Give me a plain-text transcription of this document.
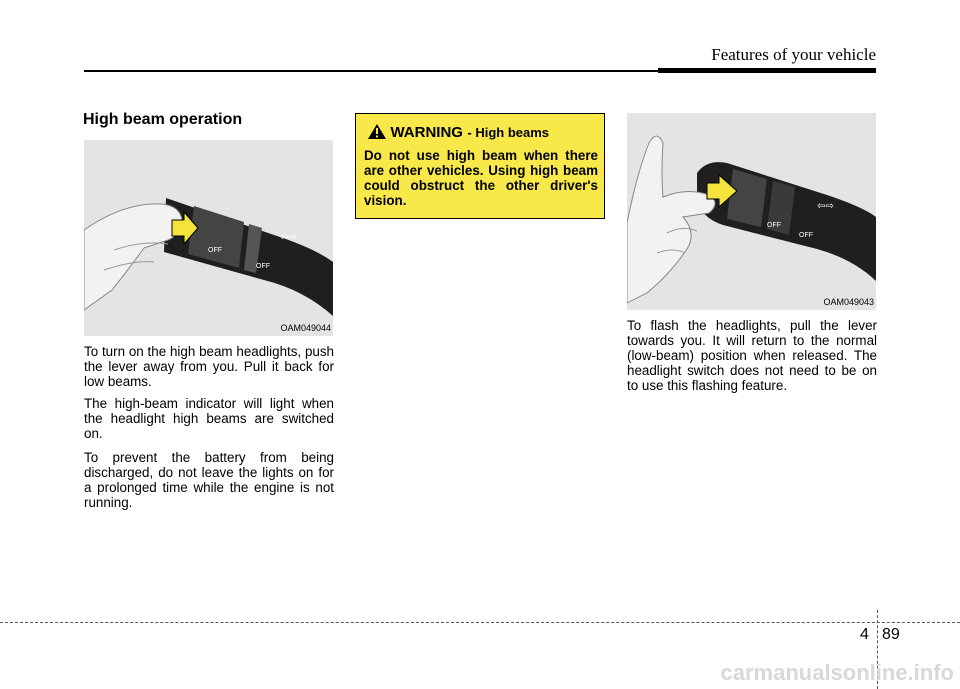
Features of your vehicle
High beam operation
OFF
OFF
⇦⇨
OAM049044

To turn on the high beam headlights, push the lever away from you. Pull it back for low beams.

The high-beam indicator will light when the headlight high beams are switched on.

To prevent the battery from being discharged, do not leave the lights on for a prolonged time while the engine is not running.

WARNING - High beams

Do not use high beam when there are other vehicles. Using high beam could obstruct the other driver's vision.

OFF
OFF
⇦⇨
OAM049043

To flash the headlights, pull the lever towards you. It will return to the normal (low-beam) position when released. The headlight switch does not need to be on to use this flashing feature.

4 89
carmanualsonline.info
